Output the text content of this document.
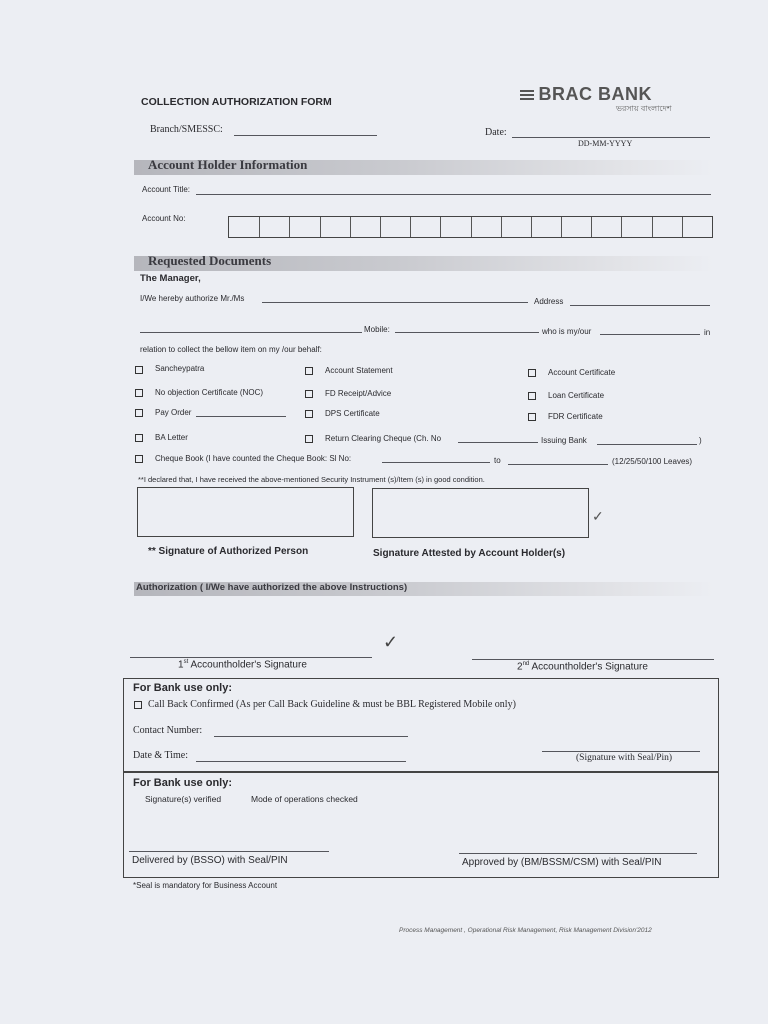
COLLECTION AUTHORIZATION FORM	BRAC BANK
ভরসায় বাংলাদেশ
Branch/SMESSC:	Date:
DD-MM-YYYY
Account Holder Information
Account Title:
Account No:
Requested Documents
The Manager,
I/We hereby authorize Mr./Ms	Address
Mobile:	who is my/our	in
relation to collect the bellow item on my /our behalf:
Sancheypatra	Account Statement	Account Certificate
No objection Certificate (NOC)	FD Receipt/Advice	Loan Certificate
Pay Order	DPS Certificate	FDR Certificate
BA Letter	Return Clearing Cheque (Ch. No	Issuing Bank	)
Cheque Book (I have counted the Cheque Book: Sl No:	to	(12/25/50/100 Leaves)
**I declared that, I have received the above-mentioned Security Instrument (s)/Item (s) in good condition.
✓
** Signature of Authorized Person	Signature Attested by Account Holder(s)
Authorization ( I/We have authorized the above Instructions)
✓
1st Accountholder's Signature	2nd Accountholder's Signature
For Bank use only:
Call Back Confirmed (As per Call Back Guideline & must be BBL Registered Mobile only)
Contact Number:
Date & Time:	(Signature with Seal/Pin)
For Bank use only:
Signature(s) verified	Mode of operations checked
Delivered by (BSSO) with Seal/PIN	Approved by (BM/BSSM/CSM) with Seal/PIN
*Seal is mandatory for Business Account
Process Management , Operational Risk Management, Risk Management Division'2012
